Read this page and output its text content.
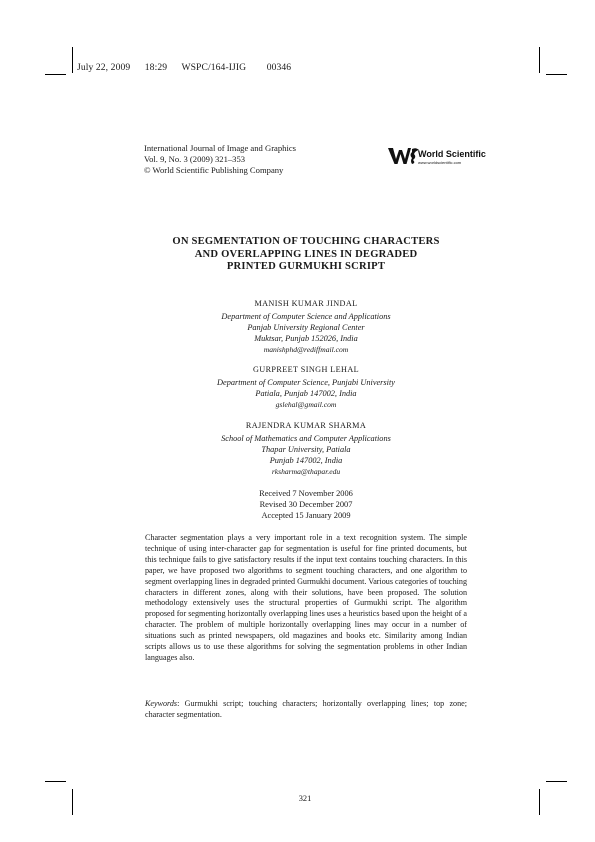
July 22, 2009 18:29 WSPC/164-IJIG 00346
International Journal of Image and Graphics
Vol. 9, No. 3 (2009) 321–353
© World Scientific Publishing Company
World Scientific
www.worldscientific.com
ON SEGMENTATION OF TOUCHING CHARACTERS
AND OVERLAPPING LINES IN DEGRADED
PRINTED GURMUKHI SCRIPT
MANISH KUMAR JINDAL
Department of Computer Science and Applications
Panjab University Regional Center
Muktsar, Punjab 152026, India
manishphd@rediffmail.com
GURPREET SINGH LEHAL
Department of Computer Science, Punjabi University
Patiala, Punjab 147002, India
gslehal@gmail.com
RAJENDRA KUMAR SHARMA
School of Mathematics and Computer Applications
Thapar University, Patiala
Punjab 147002, India
rksharma@thapar.edu
Received 7 November 2006
Revised 30 December 2007
Accepted 15 January 2009
Character segmentation plays a very important role in a text recognition system. The simple technique of using inter-character gap for segmentation is useful for fine printed documents, but this technique fails to give satisfactory results if the input text contains touching characters. In this paper, we have proposed two algorithms to segment touching characters, and one algorithm to segment overlapping lines in degraded printed Gurmukhi document. Various categories of touching characters in different zones, along with their solutions, have been proposed. The solution methodology extensively uses the structural properties of Gurmukhi script. The algorithm proposed for segmenting horizontally overlapping lines uses a heuristics based upon the height of a character. The problem of multiple horizontally overlapping lines may occur in a number of situations such as printed newspapers, old magazines and books etc. Similarity among Indian scripts allows us to use these algorithms for solving the segmentation problems in other Indian languages also.
Keywords: Gurmukhi script; touching characters; horizontally overlapping lines; top zone; character segmentation.
321
